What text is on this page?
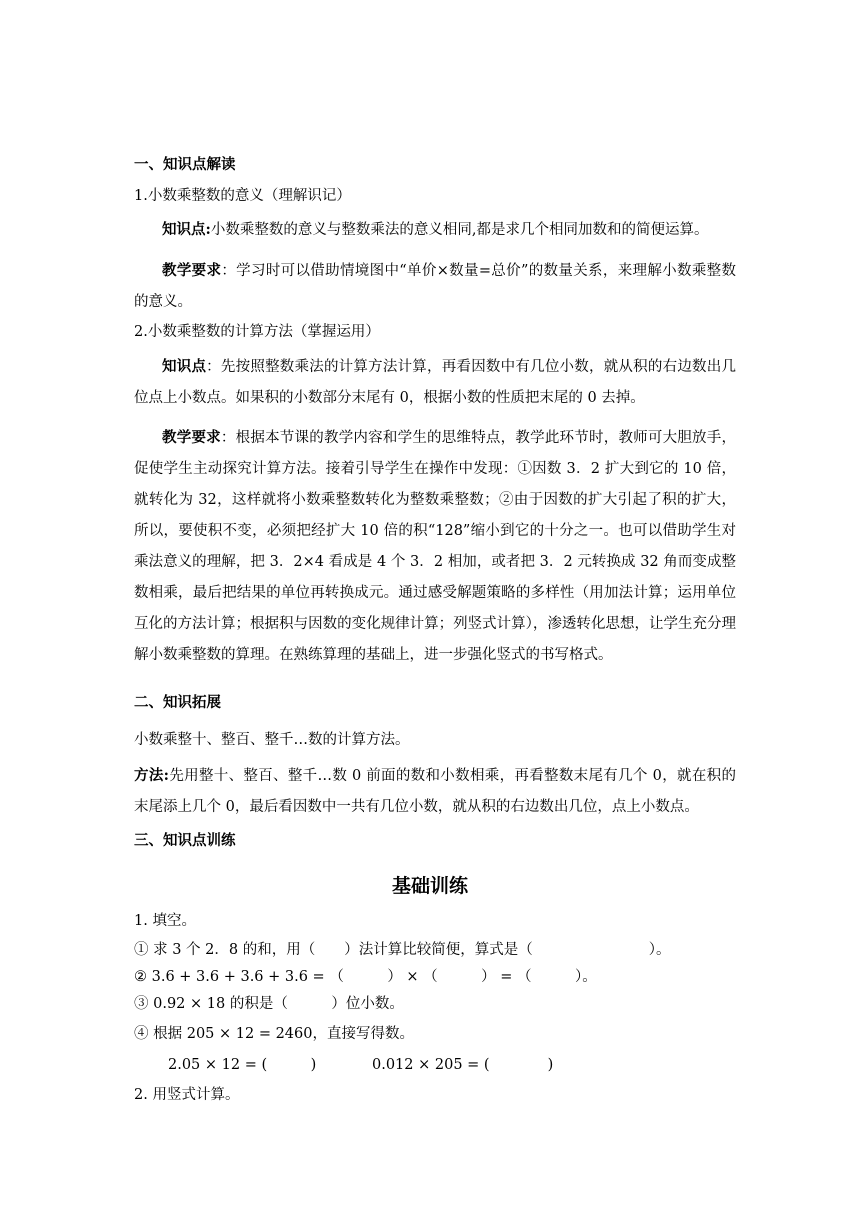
一、知识点解读
1.小数乘整数的意义（理解识记）
知识点:小数乘整数的意义与整数乘法的意义相同,都是求几个相同加数和的简便运算。
教学要求：学习时可以借助情境图中“单价×数量=总价”的数量关系，来理解小数乘整数的意义。
2.小数乘整数的计算方法（掌握运用）
知识点：先按照整数乘法的计算方法计算，再看因数中有几位小数，就从积的右边数出几位点上小数点。如果积的小数部分末尾有 0，根据小数的性质把末尾的 0 去掉。
教学要求：根据本节课的教学内容和学生的思维特点，教学此环节时，教师可大胆放手，促使学生主动探究计算方法。接着引导学生在操作中发现：①因数 3．2 扩大到它的 10 倍，就转化为 32，这样就将小数乘整数转化为整数乘整数；②由于因数的扩大引起了积的扩大，所以，要使积不变，必须把经扩大 10 倍的积“128”缩小到它的十分之一。也可以借助学生对乘法意义的理解，把 3．2×4 看成是 4 个 3．2 相加，或者把 3．2 元转换成 32 角而变成整数相乘，最后把结果的单位再转换成元。通过感受解题策略的多样性（用加法计算；运用单位互化的方法计算；根据积与因数的变化规律计算；列竖式计算），渗透转化思想，让学生充分理解小数乘整数的算理。在熟练算理的基础上，进一步强化竖式的书写格式。
二、知识拓展
小数乘整十、整百、整千…数的计算方法。
方法:先用整十、整百、整千…数 0 前面的数和小数相乘，再看整数末尾有几个 0，就在积的末尾添上几个 0，最后看因数中一共有几位小数，就从积的右边数出几位，点上小数点。
三、知识点训练
基础训练
1. 填空。
① 求 3 个 2．8 的和，用（　　）法计算比较简便，算式是（　　　　　　　　）。
② 3.6 + 3.6 + 3.6 + 3.6 = （　　　） × （　　　） = （　　　）。
③ 0.92 × 18 的积是（　　　）位小数。
④ 根据 205 × 12 = 2460，直接写得数。
2.05 × 12 = (　　　)	0.012 × 205 = (　　　　)
2. 用竖式计算。
